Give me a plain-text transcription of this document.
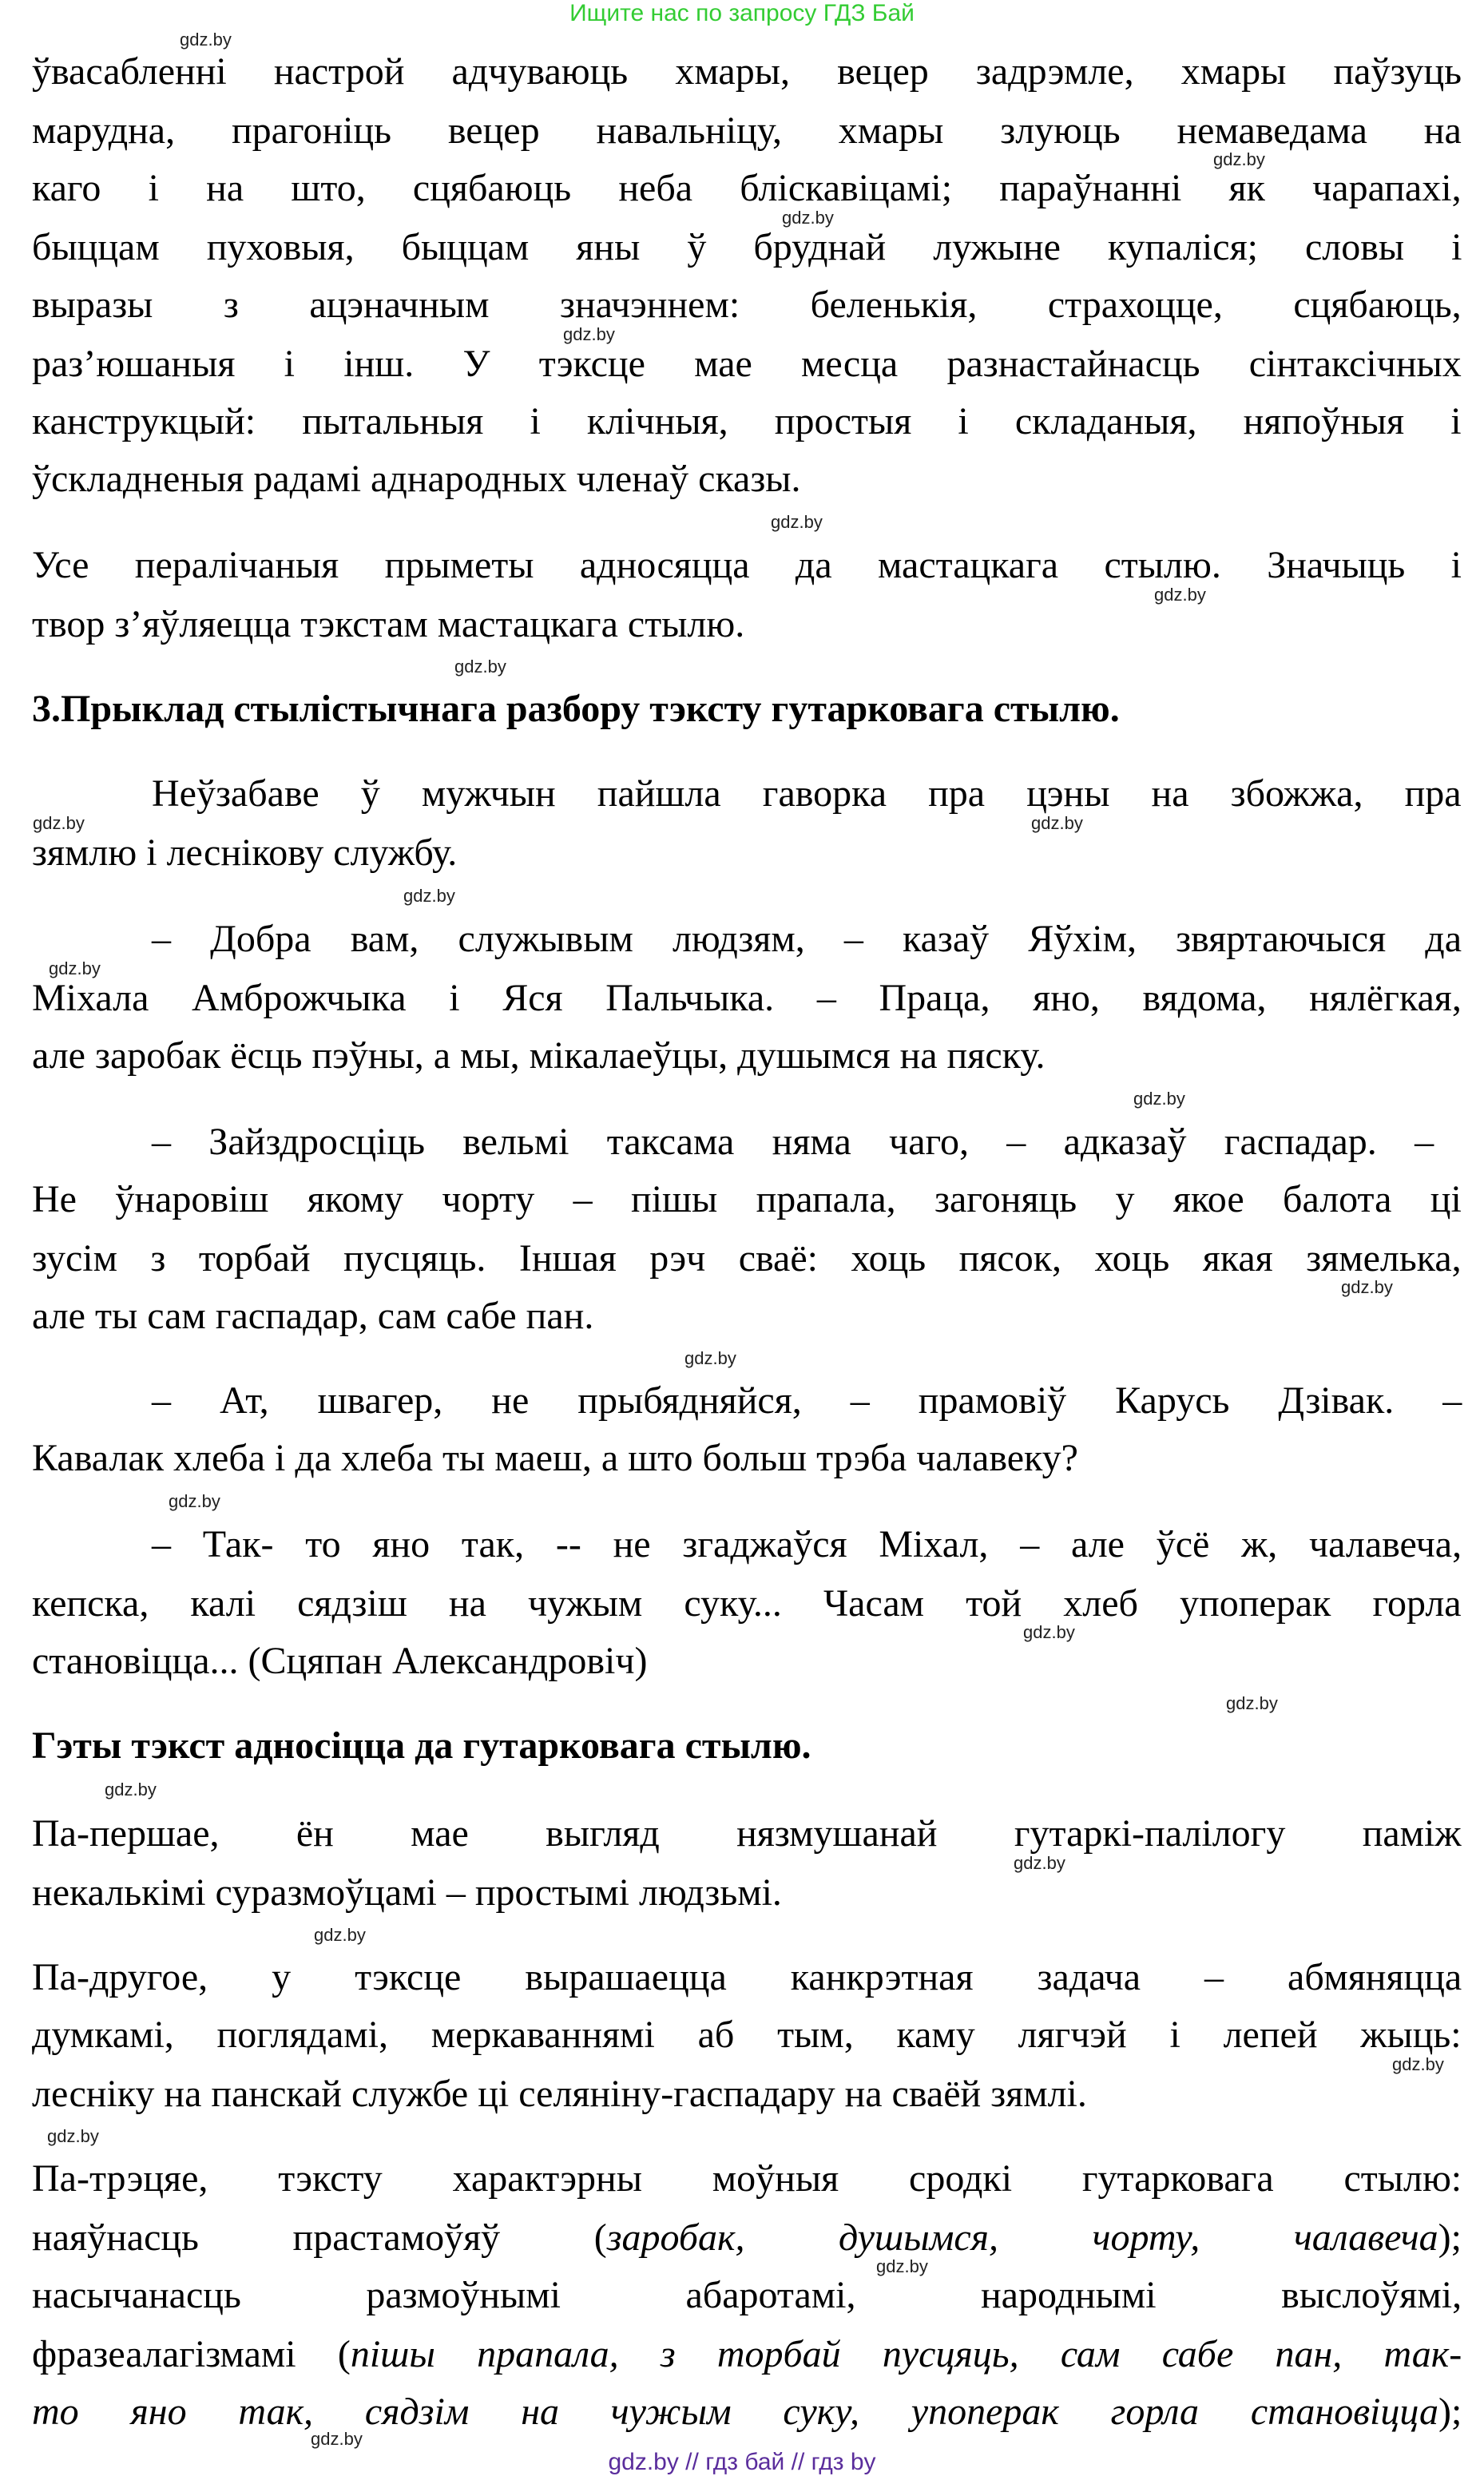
Ищите нас по запросу ГДЗ Бай
ўвасабленні настрой адчуваюць хмары, вецер задрэмле, хмары паўзуць
марудна, прагоніць вецер навальніцу, хмары злуюць немаведама на
каго і на што, сцябаюць неба бліскавіцамі; параўнанні як чарапахі,
быццам пуховыя, быццам яны ў бруднай лужыне купаліся; словы і
выразы з ацэначным значэннем: беленькія, страхоцце, сцябаюць,
раз’юшаныя і інш. У тэксце мае месца разнастайнасць сінтаксічных
канструкцый: пытальныя і клічныя, простыя і складаныя, няпоўныя і
ўскладненыя радамі аднародных членаў сказы.
Усе пералічаныя прыметы адносяцца да мастацкага стылю. Значыць і
твор з’яўляецца тэкстам мастацкага стылю.
3.Прыклад стылістычнага разбору тэксту гутарковага стылю.
Неўзабаве ў мужчын пайшла гаворка пра цэны на збожжа, пра
зямлю і леснікову службу.
– Добра вам, служывым людзям, – казаў Яўхім, звяртаючыся да
Міхала Амброжчыка і Яся Пальчыка. – Праца, яно, вядома, нялёгкая,
але заробак ёсць пэўны, а мы, мікалаеўцы, душымся на пяску.
– Зайздросціць вельмі таксама няма чаго, – адказаў гаспадар. –
Не ўнаровіш якому чорту – пішы прапала, загоняць у якое балота ці
зусім з торбай пусцяць. Іншая рэч сваё: хоць пясок, хоць якая зямелька,
але ты сам гаспадар, сам сабе пан.
– Ат, швагер, не прыбядняйся, – прамовіў Карусь Дзівак. –
Кавалак хлеба і да хлеба ты маеш, а што больш трэба чалавеку?
– Так- то яно так, -- не згаджаўся Міхал, – але ўсё ж, чалавеча,
кепска, калі сядзіш на чужым суку... Часам той хлеб упоперак горла
становіцца... (Сцяпан Александровіч)
Гэты тэкст адносіцца да гутарковага стылю.
Па-першае, ён мае выгляд нязмушанай гутаркі-палілогу паміж
некалькімі суразмоўцамі – простымі людзьмі.
Па-другое, у тэксце вырашаецца канкрэтная задача – абмяняцца
думкамі, поглядамі, меркаваннямі аб тым, каму лягчэй і лепей жыць:
лесніку на панскай службе ці селяніну-гаспадару на сваёй зямлі.
Па-трэцяе, тэксту характэрны моўныя сродкі гутарковага стылю:
наяўнасць прастамоўяў (заробак, душымся, чорту, чалавеча);
насычанасць размоўнымі абаротамі, народнымі выслоўямі,
фразеалагізмамі (пішы прапала, з торбай пусцяць, сам сабе пан, так-
то яно так, сядзім на чужым суку, упоперак горла становіцца);
gdz.by
gdz.by
gdz.by
gdz.by
gdz.by
gdz.by
gdz.by
gdz.by	gdz.by
gdz.by
gdz.by
gdz.by
gdz.by
gdz.by
gdz.by
gdz.by
gdz.by
gdz.by
gdz.by
gdz.by
gdz.by
gdz.by
gdz.by
gdz.by
gdz.by // гдз бай // гдз by
